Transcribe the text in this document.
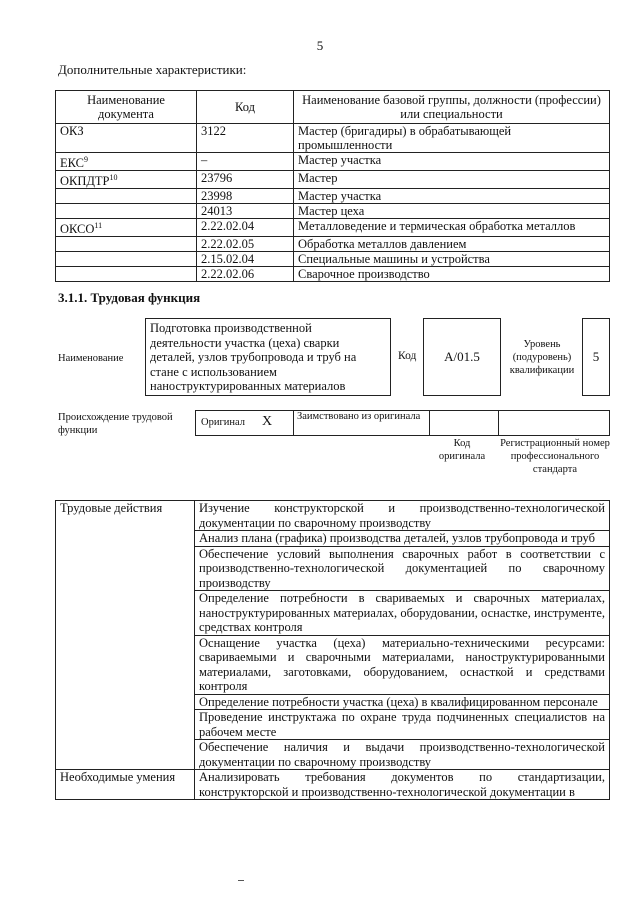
5
Дополнительные характеристики:
Наименование документа	Код	Наименование базовой группы, должности (профессии) или специальности
ОКЗ	3122	Мастер (бригадиры) в обрабатывающей промышленности
ЕКС$^9$	–	Мастер участка
ОКПДТР$^{10}$	23796	Мастер
	23998	Мастер участка
	24013	Мастер цеха
ОКСО$^{11}$	2.22.02.04	Металловедение и термическая обработка металлов
	2.22.02.05	Обработка металлов давлением
	2.15.02.04	Специальные машины и устройства
	2.22.02.06	Сварочное производство
3.1.1. Трудовая функция
Наименование
Подготовка производственной деятельности участка (цеха) сварки деталей, узлов трубопровода и труб на стане с использованием наноструктурированных материалов
Код	A/01.5
Уровень (подуровень) квалификации
5
Происхождение трудовой функции
Оригинал X Заимствовано из оригинала
Код оригинала
Регистрационный номер профессионального стандарта
Трудовые действия	Изучение конструкторской и производственно-технологической документации по сварочному производству
	Анализ плана (графика) производства деталей, узлов трубопровода и труб
	Обеспечение условий выполнения сварочных работ в соответствии с производственно-технологической документацией по сварочному производству
	Определение потребности в свариваемых и сварочных материалах, наноструктурированных материалах, оборудовании, оснастке, инструменте, средствах контроля
	Оснащение участка (цеха) материально-техническими ресурсами: свариваемыми и сварочными материалами, наноструктурированными материалами, заготовками, оборудованием, оснасткой и средствами контроля
	Определение потребности участка (цеха) в квалифицированном персонале
	Проведение инструктажа по охране труда подчиненных специалистов на рабочем месте
	Обеспечение наличия и выдачи производственно-технологической документации по сварочному производству
Необходимые умения	Анализировать требования документов по стандартизации, конструкторской и производственно-технологической документации в
